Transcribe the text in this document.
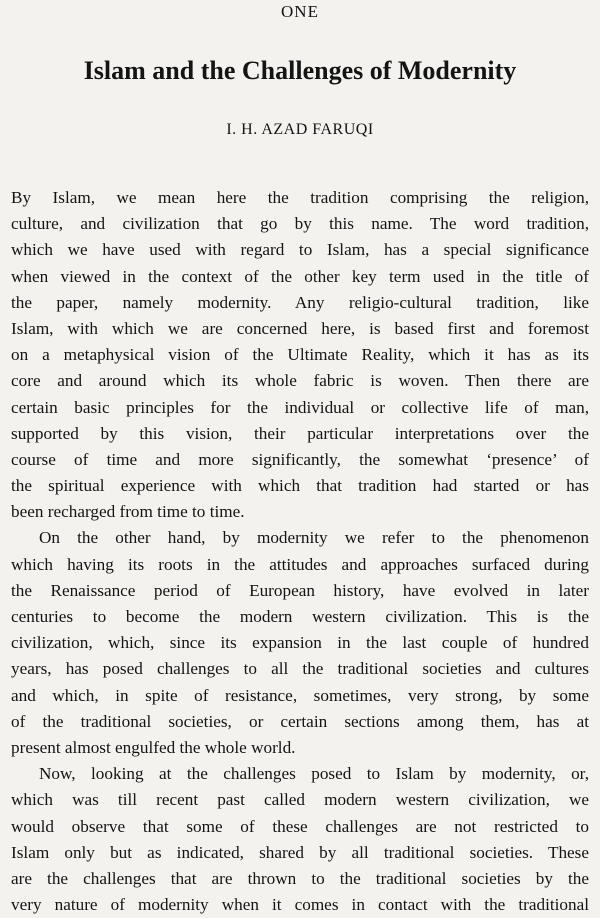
ONE
Islam and the Challenges of Modernity
I. H. AZAD FARUQI
By Islam, we mean here the tradition comprising the religion,
culture, and civilization that go by this name. The word tradition,
which we have used with regard to Islam, has a special significance
when viewed in the context of the other key term used in the title of
the paper, namely modernity. Any religio-cultural tradition, like
Islam, with which we are concerned here, is based first and foremost
on a metaphysical vision of the Ultimate Reality, which it has as its
core and around which its whole fabric is woven. Then there are
certain basic principles for the individual or collective life of man,
supported by this vision, their particular interpretations over the
course of time and more significantly, the somewhat ‘presence’ of
the spiritual experience with which that tradition had started or has
been recharged from time to time.
On the other hand, by modernity we refer to the phenomenon
which having its roots in the attitudes and approaches surfaced during
the Renaissance period of European history, have evolved in later
centuries to become the modern western civilization. This is the
civilization, which, since its expansion in the last couple of hundred
years, has posed challenges to all the traditional societies and cultures
and which, in spite of resistance, sometimes, very strong, by some
of the traditional societies, or certain sections among them, has at
present almost engulfed the whole world.
Now, looking at the challenges posed to Islam by modernity, or,
which was till recent past called modern western civilization, we
would observe that some of these challenges are not restricted to
Islam only but as indicated, shared by all traditional societies. These
are the challenges that are thrown to the traditional societies by the
very nature of modernity when it comes in contact with the traditional
